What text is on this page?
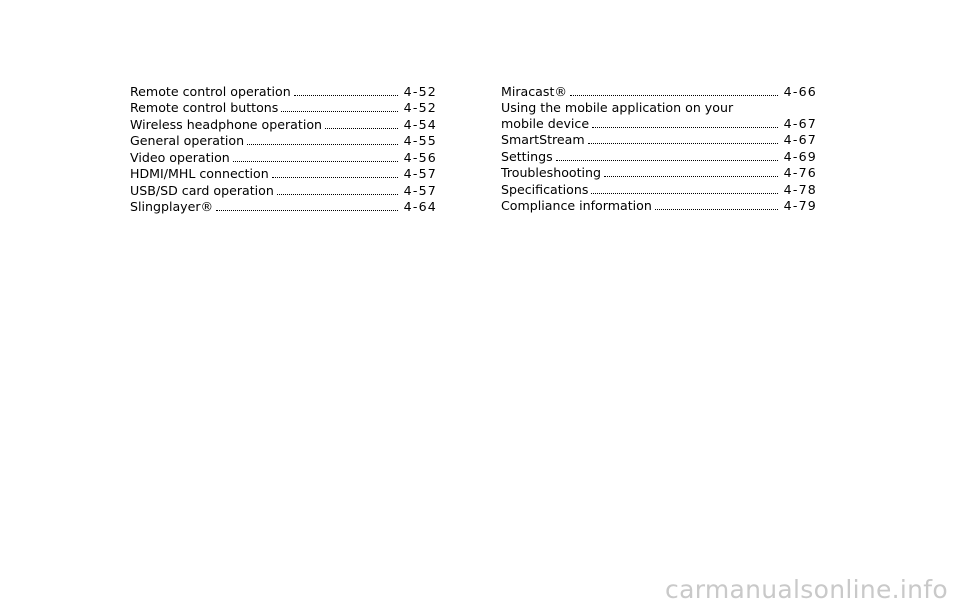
Remote control operation	4-52
Remote control buttons	4-52
Wireless headphone operation	4-54
General operation	4-55
Video operation	4-56
HDMI/MHL connection	4-57
USB/SD card operation	4-57
Slingplayer®	4-64
Miracast®	4-66
Using the mobile application on your
mobile device	4-67
SmartStream	4-67
Settings	4-69
Troubleshooting	4-76
Specifications	4-78
Compliance information	4-79
carmanualsonline.info
